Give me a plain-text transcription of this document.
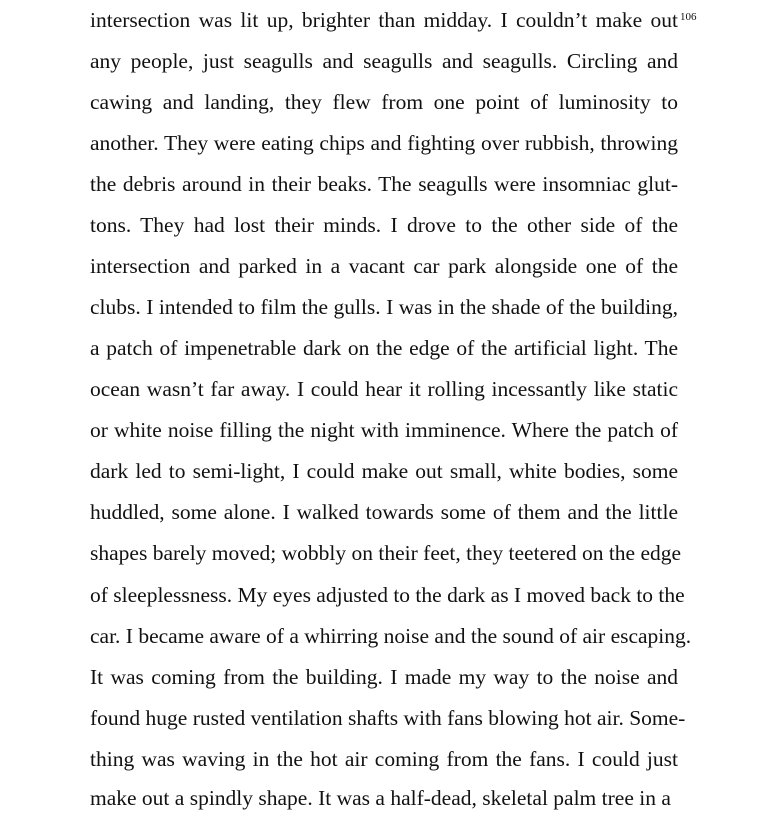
106
intersection was lit up, brighter than midday. I couldn’t make out
any people, just seagulls and seagulls and seagulls. Circling and
cawing and landing, they flew from one point of luminosity to
another. They were eating chips and fighting over rubbish, throwing
the debris around in their beaks. The seagulls were insomniac glut-
tons. They had lost their minds. I drove to the other side of the
intersection and parked in a vacant car park alongside one of the
clubs. I intended to film the gulls. I was in the shade of the building,
a patch of impenetrable dark on the edge of the artificial light. The
ocean wasn’t far away. I could hear it rolling incessantly like static
or white noise filling the night with imminence. Where the patch of
dark led to semi-light, I could make out small, white bodies, some
huddled, some alone. I walked towards some of them and the little
shapes barely moved; wobbly on their feet, they teetered on the edge
of sleeplessness. My eyes adjusted to the dark as I moved back to the
car. I became aware of a whirring noise and the sound of air escaping.
It was coming from the building. I made my way to the noise and
found huge rusted ventilation shafts with fans blowing hot air. Some-
thing was waving in the hot air coming from the fans. I could just
make out a spindly shape. It was a half-dead, skeletal palm tree in a
